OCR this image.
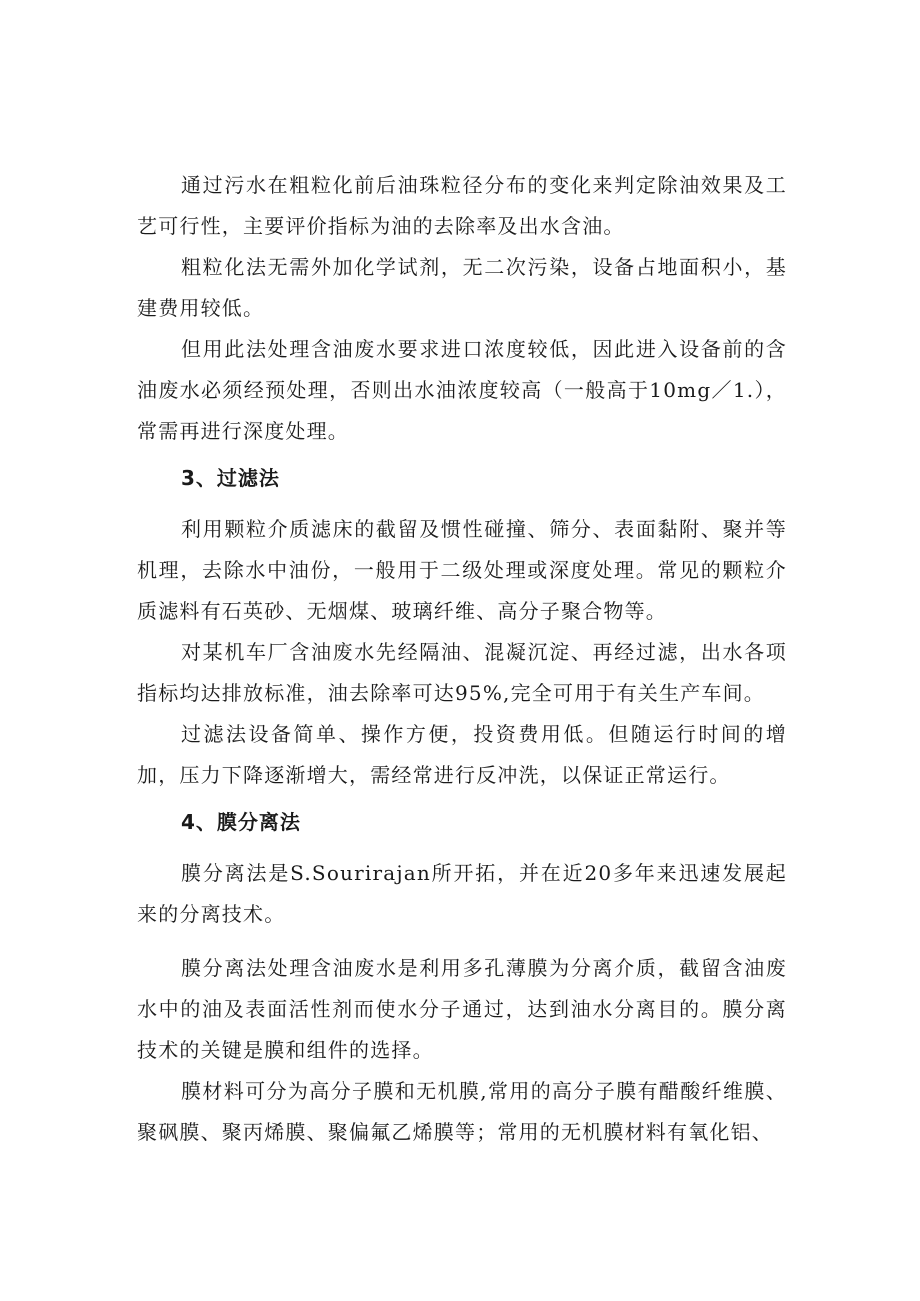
通过污水在粗粒化前后油珠粒径分布的变化来判定除油效果及工艺可行性，主要评价指标为油的去除率及出水含油。

粗粒化法无需外加化学试剂，无二次污染，设备占地面积小，基建费用较低。

但用此法处理含油废水要求进口浓度较低，因此进入设备前的含油废水必须经预处理，否则出水油浓度较高（一般高于10mg／1.），常需再进行深度处理。

3、过滤法

利用颗粒介质滤床的截留及惯性碰撞、筛分、表面黏附、聚并等机理，去除水中油份，一般用于二级处理或深度处理。常见的颗粒介质滤料有石英砂、无烟煤、玻璃纤维、高分子聚合物等。

对某机车厂含油废水先经隔油、混凝沉淀、再经过滤，出水各项指标均达排放标准，油去除率可达95%,完全可用于有关生产车间。

过滤法设备简单、操作方便，投资费用低。但随运行时间的增加，压力下降逐渐增大，需经常进行反冲洗，以保证正常运行。

4、膜分离法

膜分离法是S.Sourirajan所开拓，并在近20多年来迅速发展起来的分离技术。

膜分离法处理含油废水是利用多孔薄膜为分离介质，截留含油废水中的油及表面活性剂而使水分子通过，达到油水分离目的。膜分离技术的关键是膜和组件的选择。

膜材料可分为高分子膜和无机膜,常用的高分子膜有醋酸纤维膜、聚砜膜、聚丙烯膜、聚偏氟乙烯膜等；常用的无机膜材料有氧化铝、
